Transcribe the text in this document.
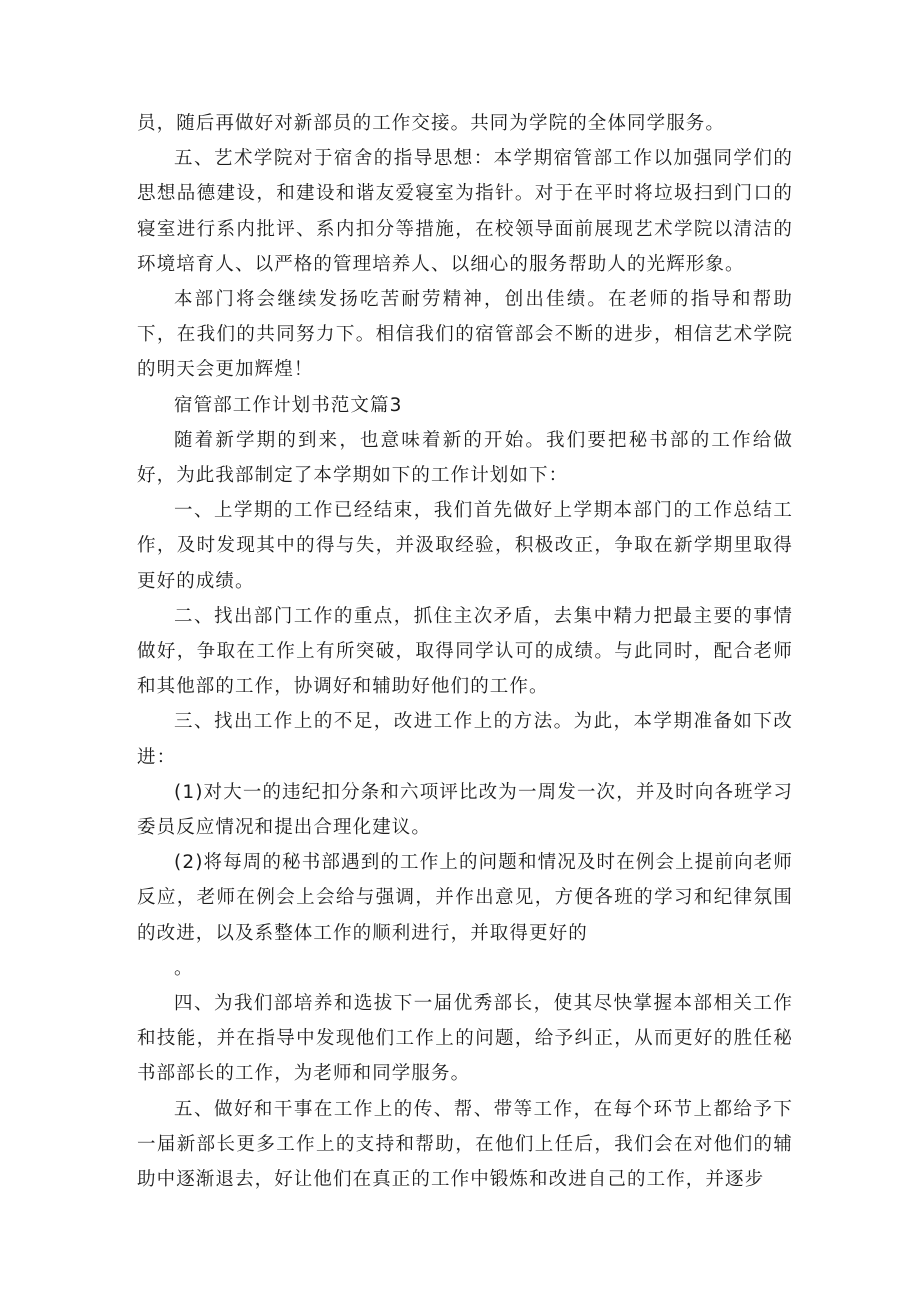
员，随后再做好对新部员的工作交接。共同为学院的全体同学服务。

五、艺术学院对于宿舍的指导思想：本学期宿管部工作以加强同学们的思想品德建设，和建设和谐友爱寝室为指针。对于在平时将垃圾扫到门口的寝室进行系内批评、系内扣分等措施，在校领导面前展现艺术学院以清洁的环境培育人、以严格的管理培养人、以细心的服务帮助人的光辉形象。

本部门将会继续发扬吃苦耐劳精神，创出佳绩。在老师的指导和帮助下，在我们的共同努力下。相信我们的宿管部会不断的进步，相信艺术学院的明天会更加辉煌！

宿管部工作计划书范文篇3

随着新学期的到来，也意味着新的开始。我们要把秘书部的工作给做好，为此我部制定了本学期如下的工作计划如下：

一、上学期的工作已经结束，我们首先做好上学期本部门的工作总结工作，及时发现其中的得与失，并汲取经验，积极改正，争取在新学期里取得更好的成绩。

二、找出部门工作的重点，抓住主次矛盾，去集中精力把最主要的事情做好，争取在工作上有所突破，取得同学认可的成绩。与此同时，配合老师和其他部的工作，协调好和辅助好他们的工作。

三、找出工作上的不足，改进工作上的方法。为此，本学期准备如下改进：

(1)对大一的违纪扣分条和六项评比改为一周发一次，并及时向各班学习委员反应情况和提出合理化建议。

(2)将每周的秘书部遇到的工作上的问题和情况及时在例会上提前向老师反应，老师在例会上会给与强调，并作出意见，方便各班的学习和纪律氛围的改进，以及系整体工作的顺利进行，并取得更好的

。

四、为我们部培养和选拔下一届优秀部长，使其尽快掌握本部相关工作和技能，并在指导中发现他们工作上的问题，给予纠正，从而更好的胜任秘书部部长的工作，为老师和同学服务。

五、做好和干事在工作上的传、帮、带等工作，在每个环节上都给予下一届新部长更多工作上的支持和帮助，在他们上任后，我们会在对他们的辅助中逐渐退去，好让他们在真正的工作中锻炼和改进自己的工作，并逐步
